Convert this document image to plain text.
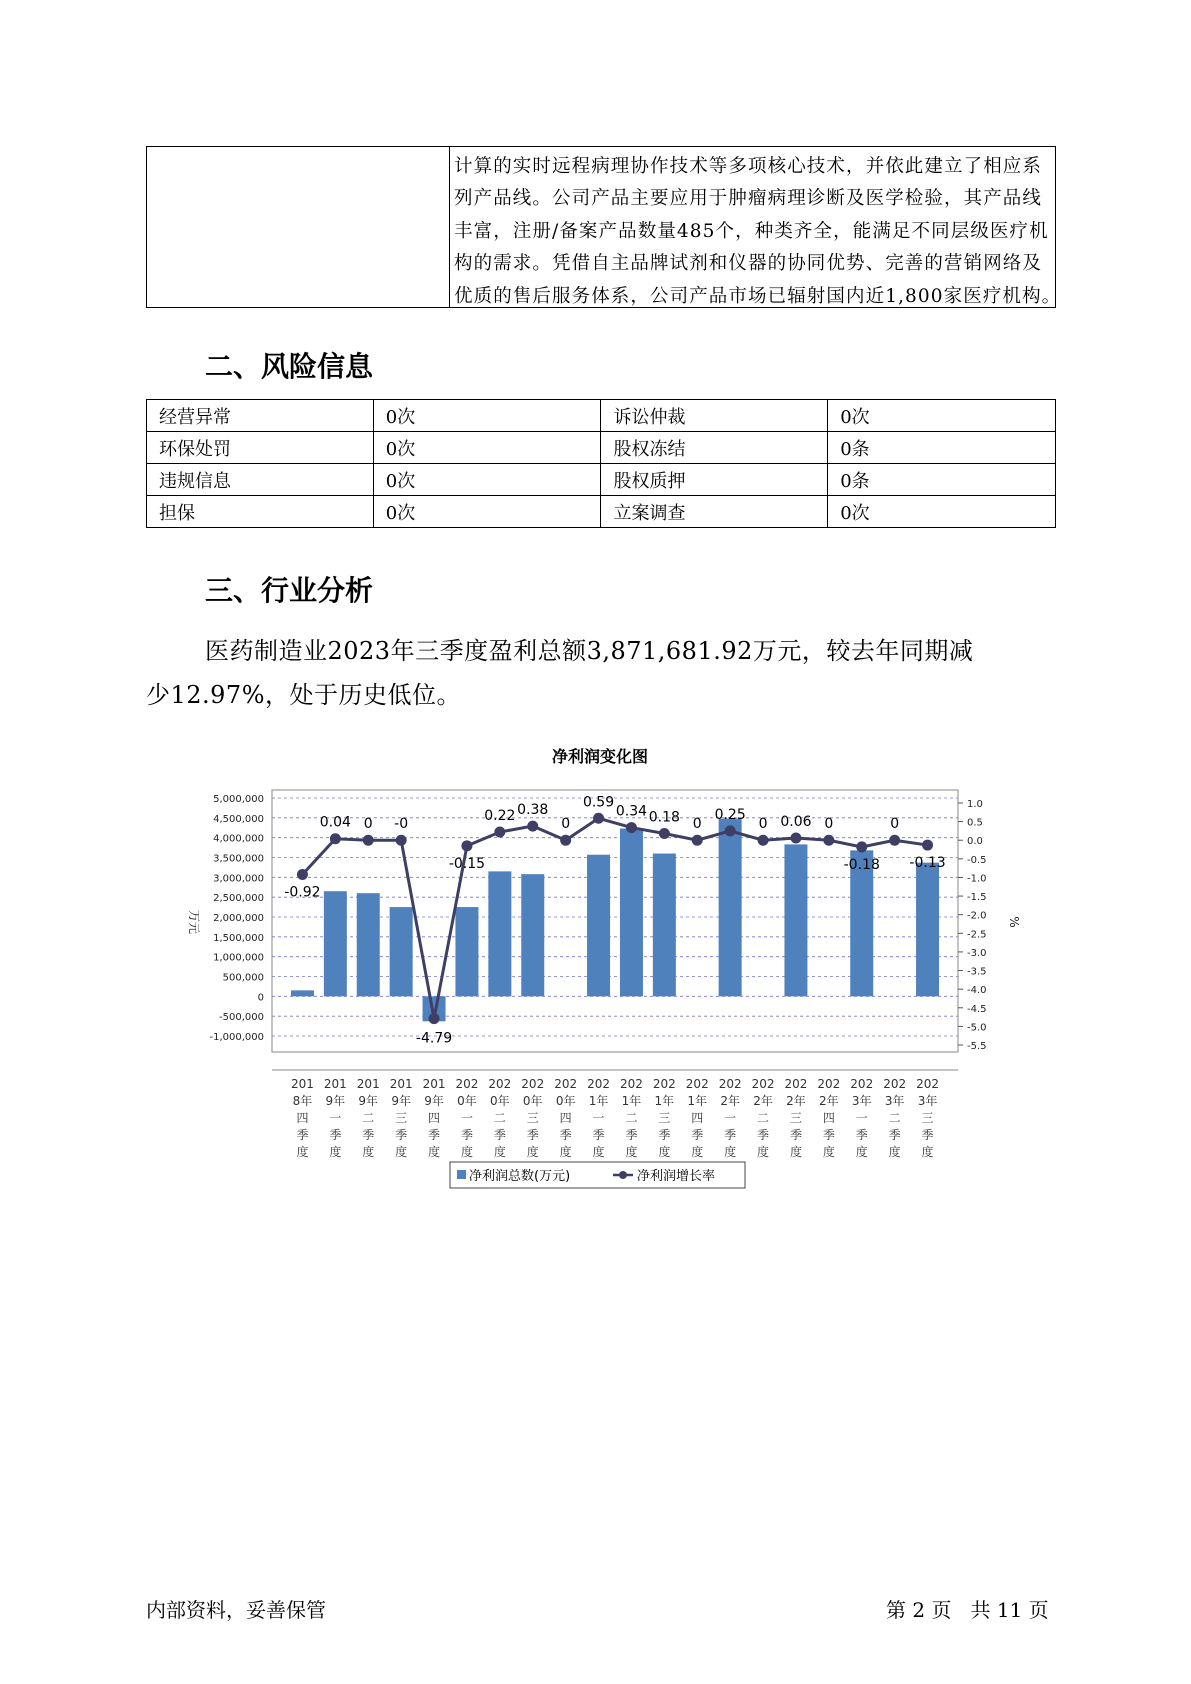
计算的实时远程病理协作技术等多项核心技术，并依此建立了相应系
列产品线。公司产品主要应用于肿瘤病理诊断及医学检验，其产品线
丰富，注册/备案产品数量485个，种类齐全，能满足不同层级医疗机
构的需求。凭借自主品牌试剂和仪器的协同优势、完善的营销网络及
优质的售后服务体系，公司产品市场已辐射国内近1,800家医疗机构。
二、风险信息
经营异常	0次	诉讼仲裁	0次
环保处罚	0次	股权冻结	0条
违规信息	0次	股权质押	0条
担保	0次	立案调查	0次
三、行业分析
医药制造业2023年三季度盈利总额3,871,681.92万元，较去年同期减
少12.97%，处于历史低位。
净利润变化图
5,000,000
4,500,000
4,000,000
3,500,000
3,000,000
2,500,000
2,000,000
1,500,000
1,000,000
500,000
0
-500,000
-1,000,000
1.0
0.5
0.0
-0.5
-1.0
-1.5
-2.0
-2.5
-3.0
-3.5
-4.0
-4.5
-5.0
-5.5
万元	%
-0.92
0.04 0 -0
-4.79
-0.15
0.22 0.38
0
0.59
0.34 0.18 0
0.25
0 0.06 0
-0.18
0
-0.13
201
8年
四
季
度
201
9年
一
季
度
201
9年
二
季
度
201
9年
三
季
度
201
9年
四
季
度
202
0年
一
季
度
202
0年
二
季
度
202
0年
三
季
度
202
0年
四
季
度
202
1年
一
季
度
202
1年
二
季
度
202
1年
三
季
度
202
1年
四
季
度
202
2年
一
季
度
202
2年
二
季
度
202
2年
三
季
度
202
2年
四
季
度
202
3年
一
季
度
202
3年
二
季
度
202
3年
三
季
度
净利润总数(万元)	净利润增长率
内部资料，妥善保管	第 2 页   共 11 页
